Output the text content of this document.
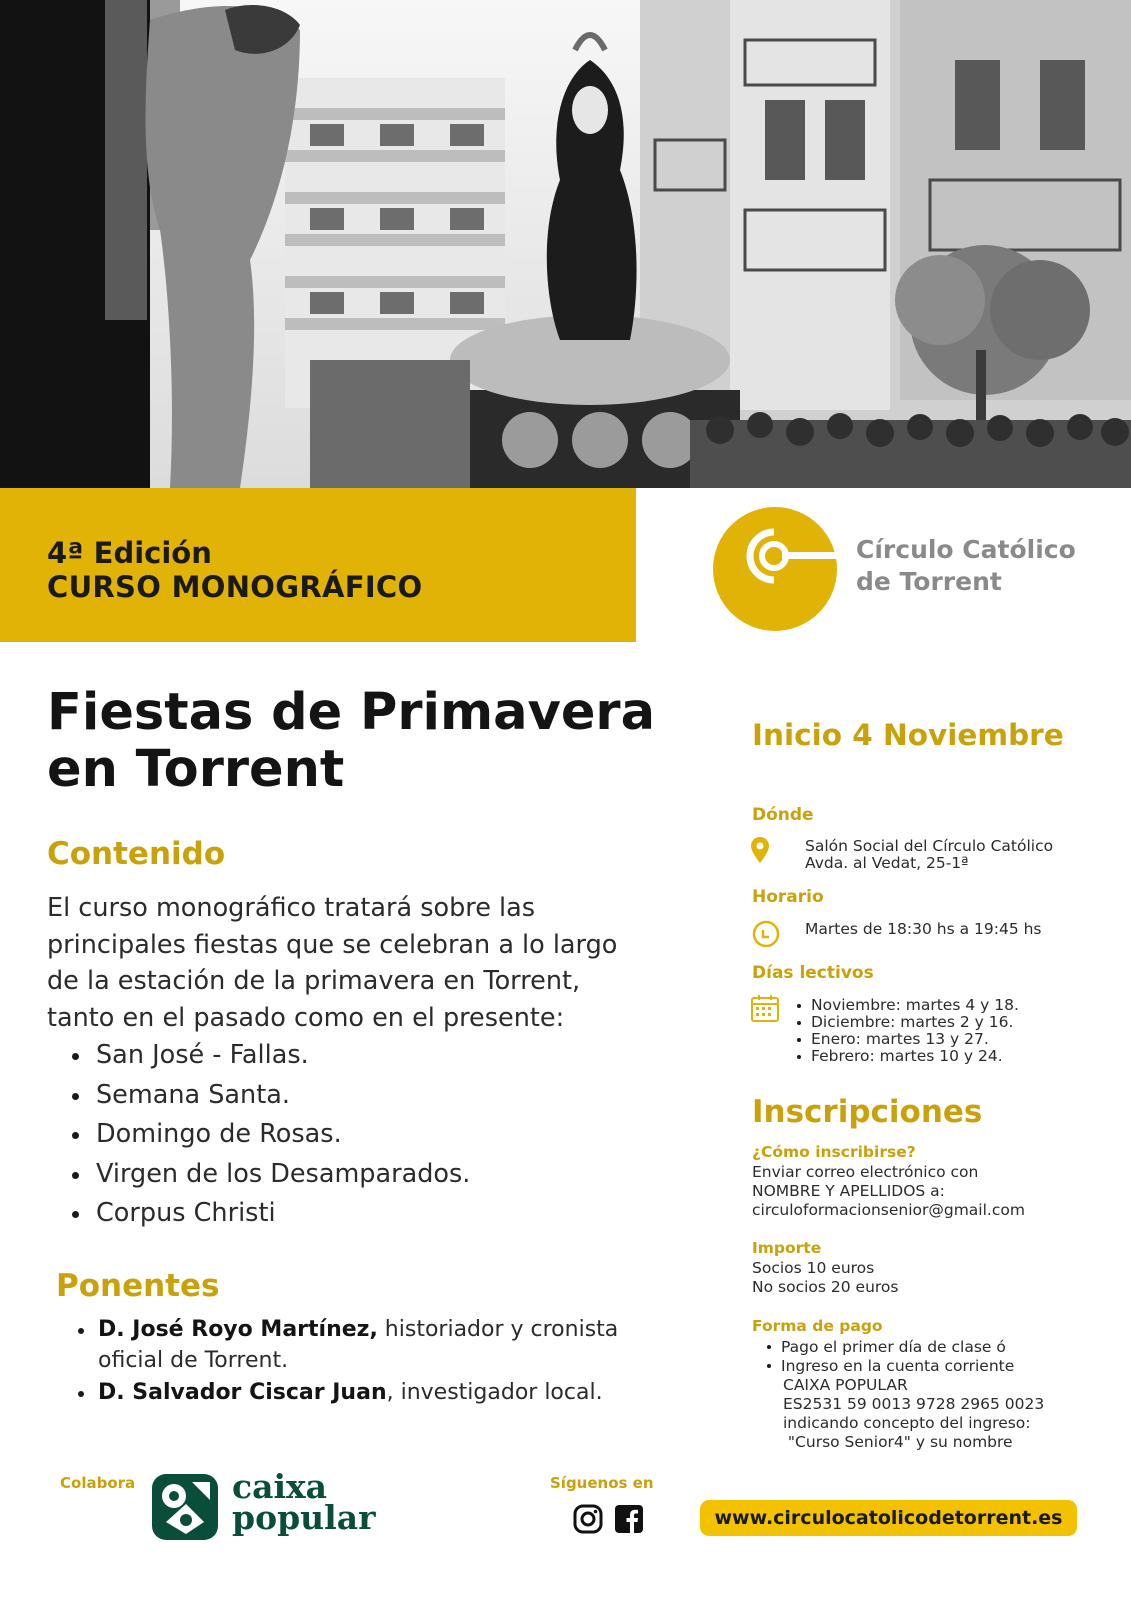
4ª Edición
CURSO MONOGRÁFICO
Círculo Católico
de Torrent
Fiestas de Primavera
en Torrent
Contenido
El curso monográfico tratará sobre las
principales fiestas que se celebran a lo largo
de la estación de la primavera en Torrent,
tanto en el pasado como en el presente:
San José - Fallas.
Semana Santa.
Domingo de Rosas.
Virgen de los Desamparados.
Corpus Christi
Ponentes
D. José Royo Martínez, historiador y cronista
oficial de Torrent.
D. Salvador Ciscar Juan, investigador local.
Inicio 4 Noviembre
Dónde
Salón Social del Círculo Católico
Avda. al Vedat, 25-1ª
Horario
Martes de 18:30 hs a 19:45 hs
Días lectivos
Noviembre: martes 4 y 18.
Diciembre: martes 2 y 16.
Enero: martes 13 y 27.
Febrero: martes 10 y 24.
Inscripciones
¿Cómo inscribirse?
Enviar correo electrónico con
NOMBRE Y APELLIDOS a:
circuloformacionsenior@gmail.com
Importe
Socios 10 euros
No socios 20 euros
Forma de pago
Pago el primer día de clase ó
Ingreso en la cuenta corriente
CAIXA POPULAR
ES2531 59 0013 9728 2965 0023
indicando concepto del ingreso:
"Curso Senior4" y su nombre
Colabora	caixa
popular
Síguenos en
www.circulocatolicodetorrent.es
